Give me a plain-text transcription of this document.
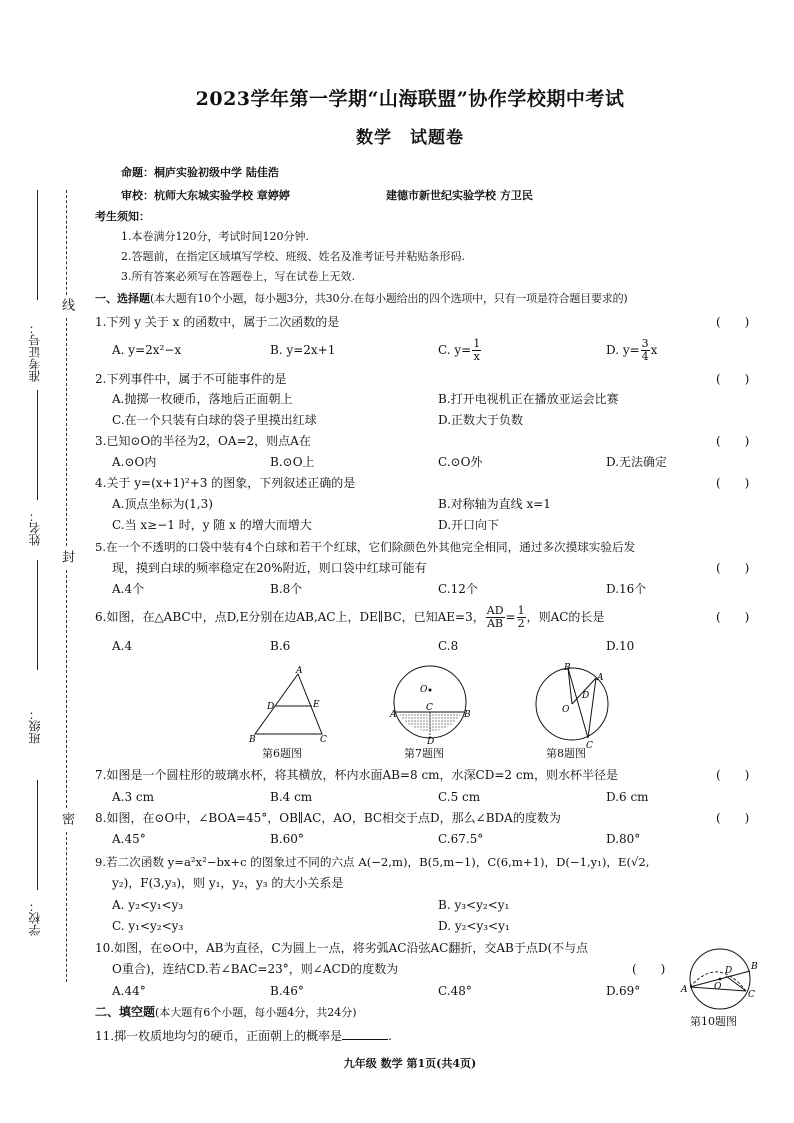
准考证号：
姓名：
班级：
学校：
线
封
密
2023学年第一学期“山海联盟”协作学校期中考试
数学　试题卷
命题：桐庐实验初级中学 陆佳浩
审校：杭师大东城实验学校 章婷婷	建德市新世纪实验学校 方卫民
考生须知：
1.本卷满分120分，考试时间120分钟.
2.答题前，在指定区域填写学校、班级、姓名及准考证号并粘贴条形码.
3.所有答案必须写在答题卷上，写在试卷上无效.
一、选择题(本大题有10个小题，每小题3分，共30分.在每小题给出的四个选项中，只有一项是符合题目要求的)
1.下列 y 关于 x 的函数中，属于二次函数的是	(　　)
A. y=2x²−x	B. y=2x+1	C. $y= \frac{1}{x}$	D. $y= \frac{3}{4}$ x
2.下列事件中，属于不可能事件的是	(　　)
A.抛掷一枚硬币，落地后正面朝上	B.打开电视机正在播放亚运会比赛
C.在一个只装有白球的袋子里摸出红球	D.正数大于负数
3.已知⊙O的半径为2，OA=2，则点A在	(　　)
A.⊙O内	B.⊙O上	C.⊙O外	D.无法确定
4.关于 y=(x+1)²+3 的图象，下列叙述正确的是	(　　)
A.顶点坐标为(1,3)	B.对称轴为直线 x=1
C.当 x≥−1 时，y 随 x 的增大而增大	D.开口向下
5.在一个不透明的口袋中装有4个白球和若干个红球，它们除颜色外其他完全相同，通过多次摸球实验后发
现，摸到白球的频率稳定在20%附近，则口袋中红球可能有	(　　)
A.4个	B.8个	C.12个	D.16个
6.如图，在△ABC中，点D,E分别在边AB,AC上，DE∥BC，已知AE=3， $\frac{AD}{AB} = \frac{1}{2}$ ，则AC的长是	(　　)
A.4	B.6	C.8	D.10
A
D	E
B	C
第6题图
O
A	B
C
D
第7题图
B
A
D
O
C
第8题图
7.如图是一个圆柱形的玻璃水杯，将其横放，杯内水面AB=8 cm，水深CD=2 cm，则水杯半径是	(　　)
A.3 cm	B.4 cm	C.5 cm	D.6 cm
8.如图，在⊙O中，∠BOA=45°，OB∥AC，AO，BC相交于点D，那么∠BDA的度数为	(　　)
A.45°	B.60°	C.67.5°	D.80°
9.若二次函数 y=a²x²−bx+c 的图象过不同的六点 A(−2,m)，B(5,m−1)，C(6,m+1)，D(−1,y₁)，E(√2,
y₂)，F(3,y₃)，则 y₁，y₂，y₃ 的大小关系是
A. y₂<y₁<y₃	B. y₃<y₂<y₁
C. y₁<y₂<y₃	D. y₂<y₃<y₁
10.如图，在⊙O中，AB为直径，C为圆上一点，将劣弧AC沿弦AC翻折，交AB于点D(不与点
O重合)，连结CD.若∠BAC=23°，则∠ACD的度数为	(　　)
A.44°	B.46°	C.48°	D.69°	A
B
C
D
O
第10题图
二、填空题(本大题有6个小题，每小题4分，共24分)
11.掷一枚质地均匀的硬币，正面朝上的概率是	.
九年级 数学 第1页(共4页)
